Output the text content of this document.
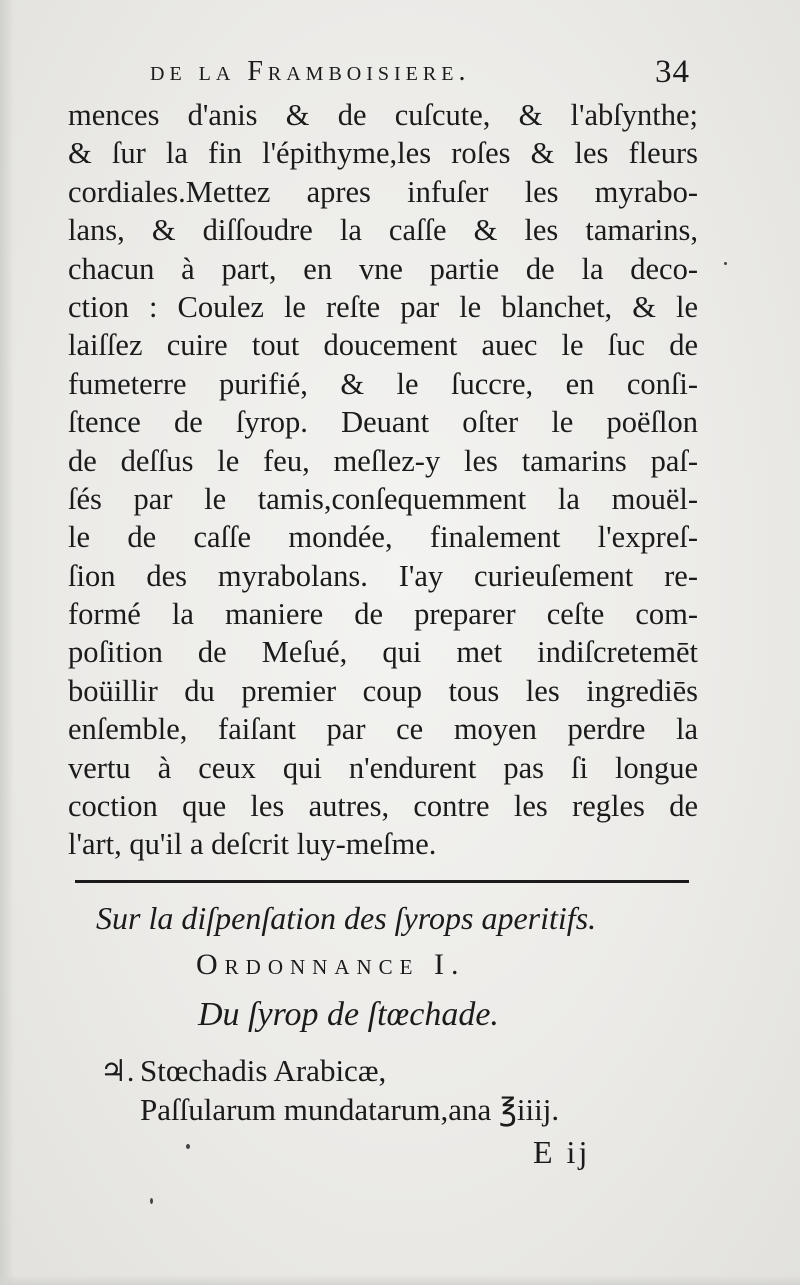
de la Framboisiere.	34
mences d'anis & de cuſcute, & l'abſynthe;
& ſur la fin l'épithyme,les roſes & les fleurs
cordiales.Mettez apres infuſer les myrabo-
lans, & diſſoudre la caſſe & les tamarins,
chacun à part, en vne partie de la deco-
ction : Coulez le reſte par le blanchet, & le
laiſſez cuire tout doucement auec le ſuc de
fumeterre purifié, & le ſuccre, en conſi-
ſtence de ſyrop. Deuant oſter le poëſlon
de deſſus le feu, meſlez-y les tamarins paſ-
ſés par le tamis,conſequemment la mouël-
le de caſſe mondée, finalement l'expreſ-
ſion des myrabolans. I'ay curieuſement re-
formé la maniere de preparer ceſte com-
poſition de Meſué, qui met indiſcretemēt
boüillir du premier coup tous les ingrediēs
enſemble, faiſant par ce moyen perdre la
vertu à ceux qui n'endurent pas ſi longue
coction que les autres, contre les regles de
l'art, qu'il a deſcrit luy-meſme.
Sur la diſpenſation des ſyrops aperitifs.
Ordonnance I.
Du ſyrop de ſtœchade.
♃. Stœchadis Arabicæ,
Paſſularum mundatarum,ana ℥iiij.
E ij
